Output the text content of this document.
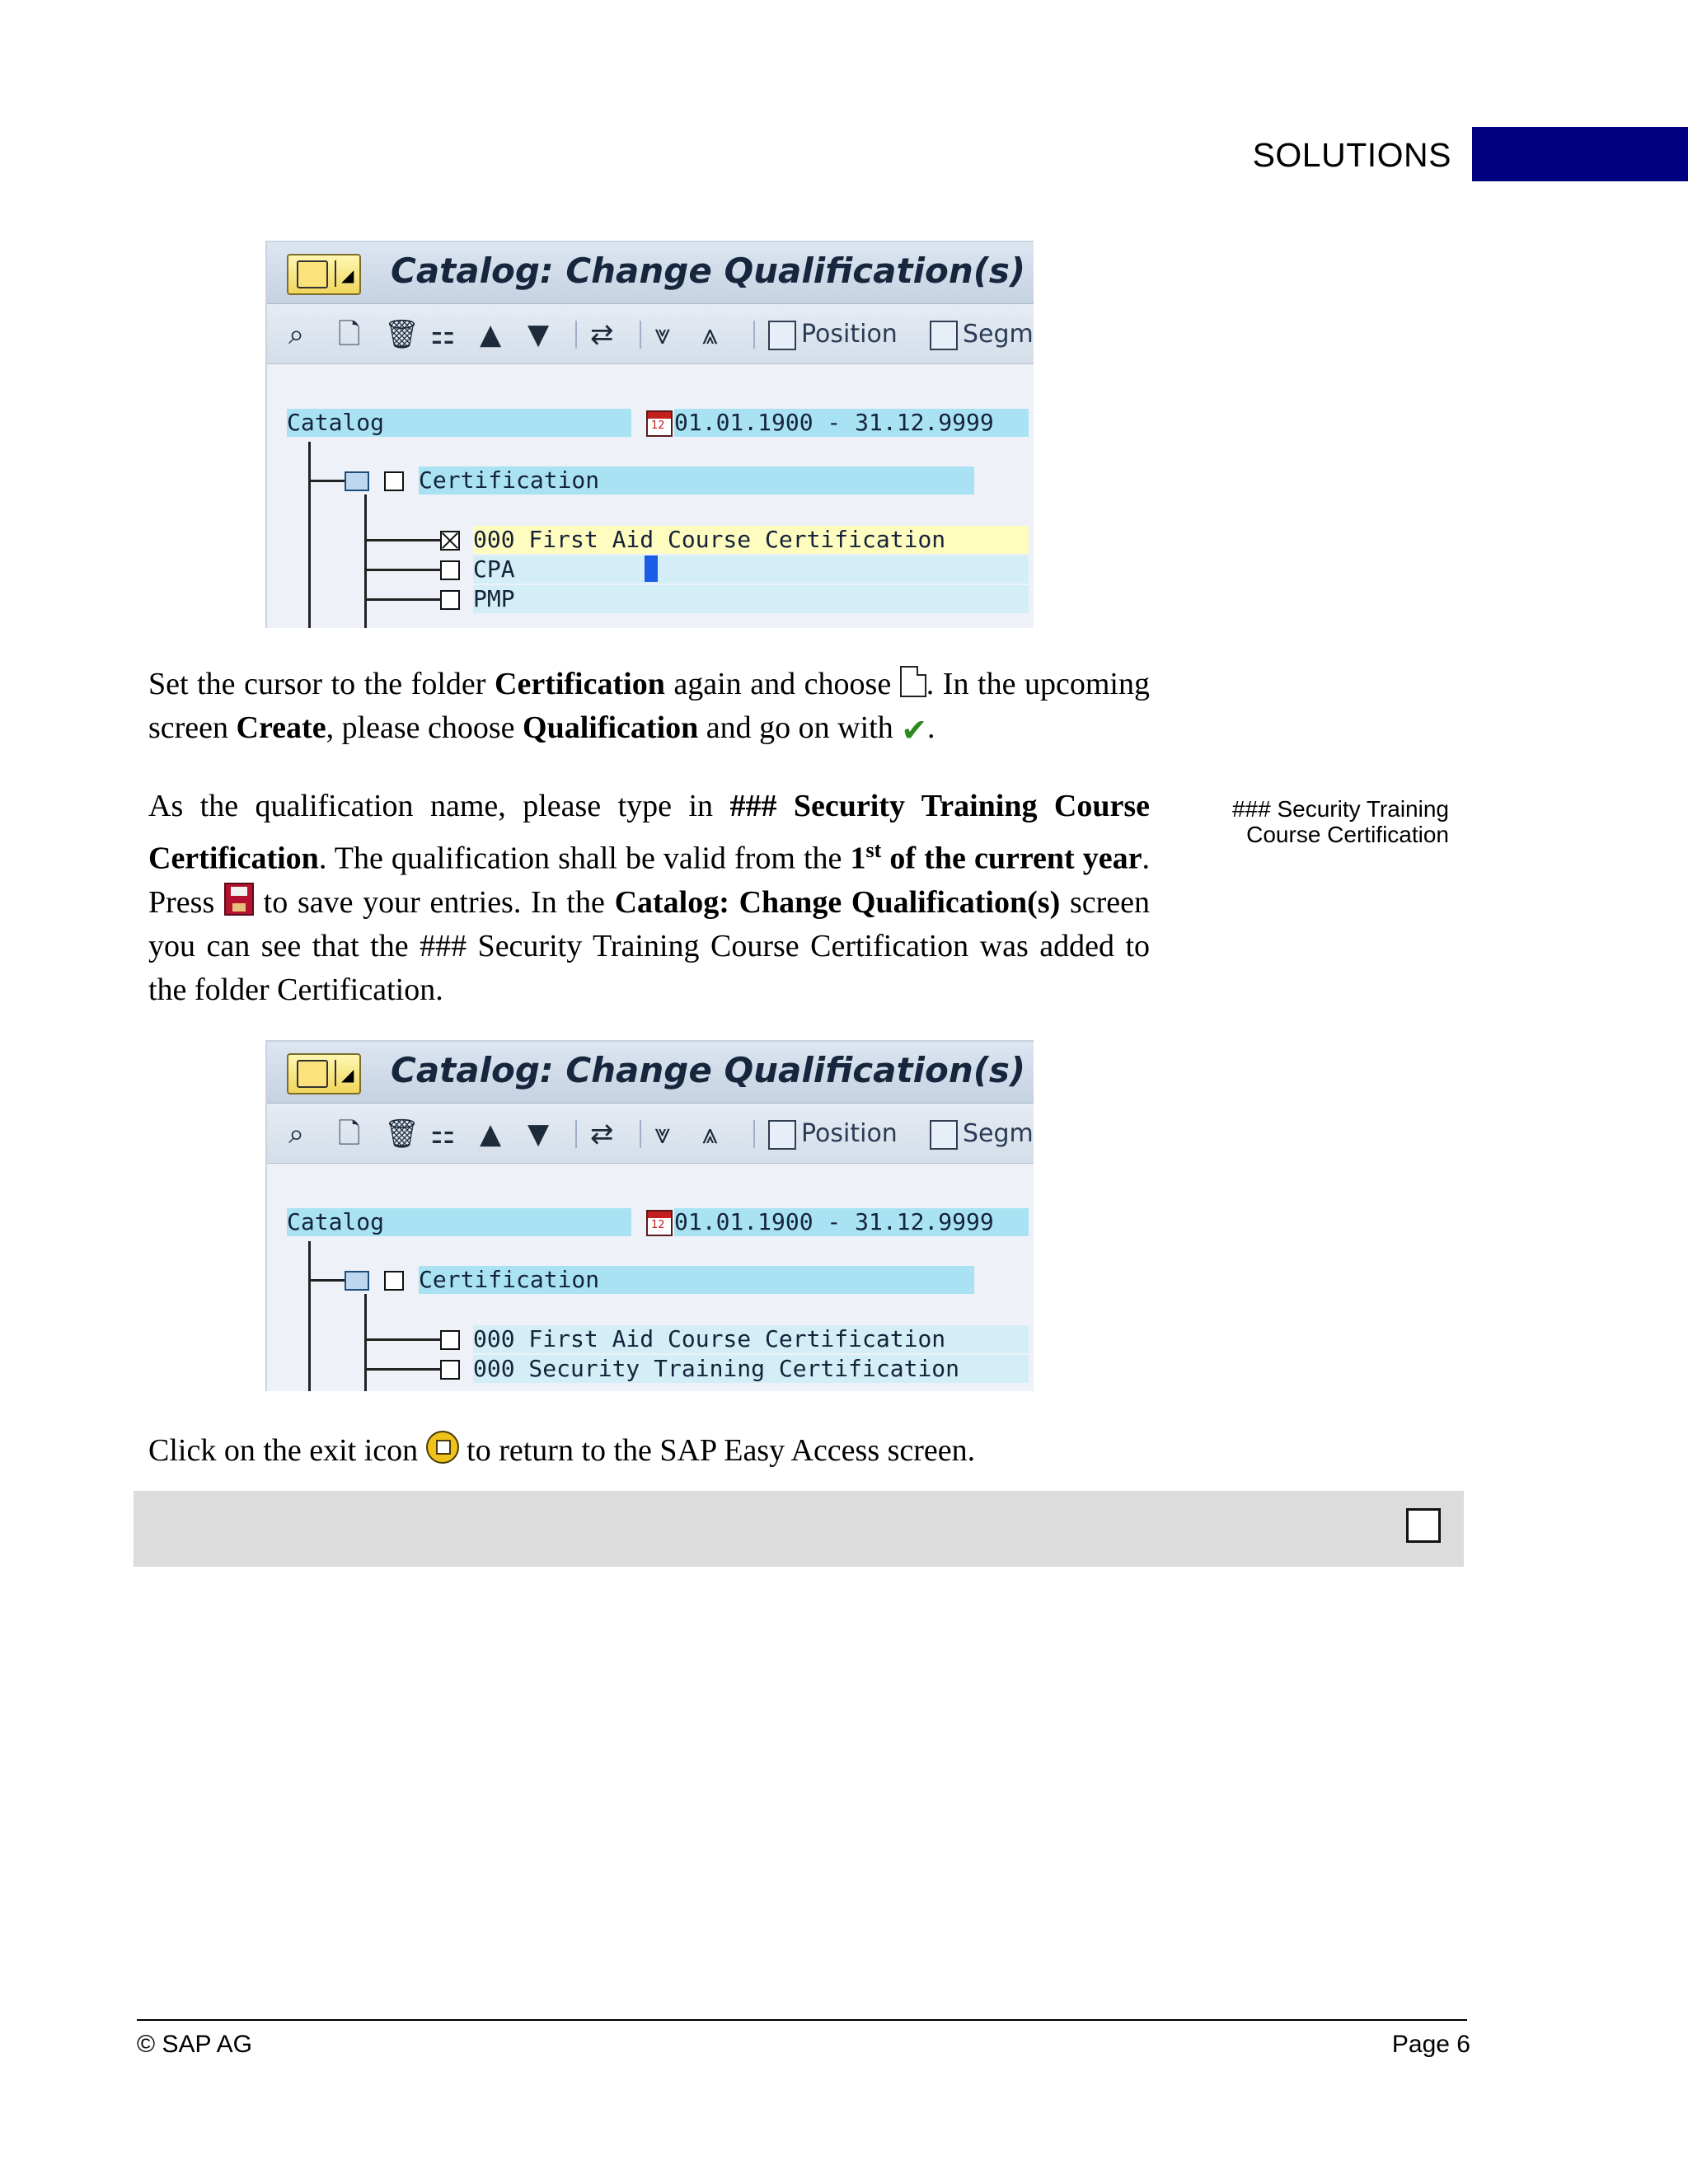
SOLUTIONS
◢ Catalog: Change Qualification(s)
⌕ 🗋 🗑 ⚏ ▲ ▼ ⇄ ⩔ ⩓	Position	Segm
Catalog	12 01.01.1900 - 31.12.9999
Certification
000 First Aid Course Certification
CPA
PMP
Set the cursor to the folder Certification again and choose . In the upcoming screen Create, please choose Qualification and go on with ✔.
As the qualification name, please type in ### Security Training Course Certification. The qualification shall be valid from the 1st of the current year. Press  to save your entries. In the Catalog: Change Qualification(s) screen you can see that the ### Security Training Course Certification was added to the folder Certification.
### Security Training
Course Certification
◢ Catalog: Change Qualification(s)
⌕ 🗋 🗑 ⚏ ▲ ▼ ⇄ ⩔ ⩓	Position	Segm
Catalog	12 01.01.1900 - 31.12.9999
Certification
000 First Aid Course Certification
000 Security Training Certification
Click on the exit icon  to return to the SAP Easy Access screen.
© SAP AG	Page 6
